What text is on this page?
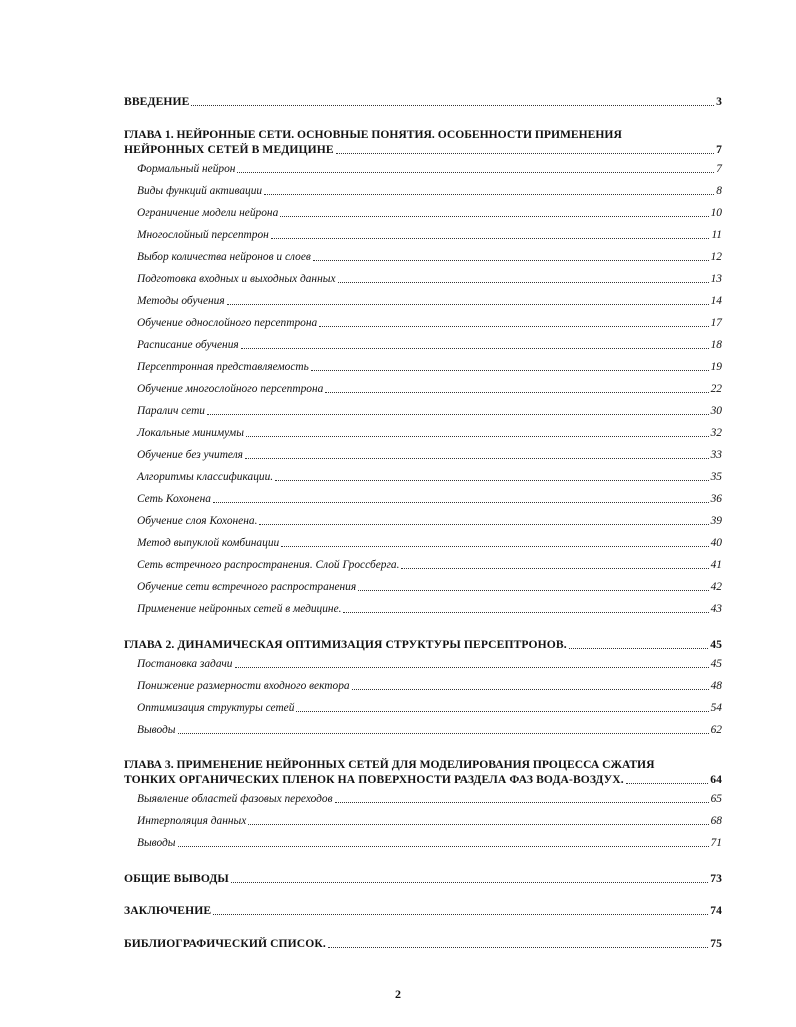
ВВЕДЕНИЕ	3
ГЛАВА 1. НЕЙРОННЫЕ СЕТИ. ОСНОВНЫЕ ПОНЯТИЯ. ОСОБЕННОСТИ ПРИМЕНЕНИЯ
НЕЙРОННЫХ СЕТЕЙ В МЕДИЦИНЕ	7
Формальный нейрон	7
Виды функций активации	8
Ограничение модели нейрона	10
Многослойный персептрон	11
Выбор количества нейронов и слоев	12
Подготовка входных и выходных данных	13
Методы обучения	14
Обучение однослойного персептрона	17
Расписание обучения	18
Персептронная представляемость	19
Обучение многослойного персептрона	22
Паралич сети	30
Локальные минимумы	32
Обучение без учителя	33
Алгоритмы классификации.	35
Сеть Кохонена	36
Обучение слоя Кохонена.	39
Метод выпуклой комбинации	40
Сеть встречного распространения. Слой Гроссберга.	41
Обучение сети встречного распространения	42
Применение нейронных сетей в медицине.	43
ГЛАВА 2. ДИНАМИЧЕСКАЯ ОПТИМИЗАЦИЯ СТРУКТУРЫ ПЕРСЕПТРОНОВ.	45
Постановка задачи	45
Понижение размерности входного вектора	48
Оптимизация структуры сетей	54
Выводы	62
ГЛАВА 3. ПРИМЕНЕНИЕ НЕЙРОННЫХ СЕТЕЙ ДЛЯ МОДЕЛИРОВАНИЯ ПРОЦЕССА СЖАТИЯ
ТОНКИХ ОРГАНИЧЕСКИХ ПЛЕНОК НА ПОВЕРХНОСТИ РАЗДЕЛА ФАЗ ВОДА-ВОЗДУХ.	64
Выявление областей фазовых переходов	65
Интерполяция данных	68
Выводы	71
ОБЩИЕ ВЫВОДЫ	73
ЗАКЛЮЧЕНИЕ	74
БИБЛИОГРАФИЧЕСКИЙ СПИСОК.	75
2
